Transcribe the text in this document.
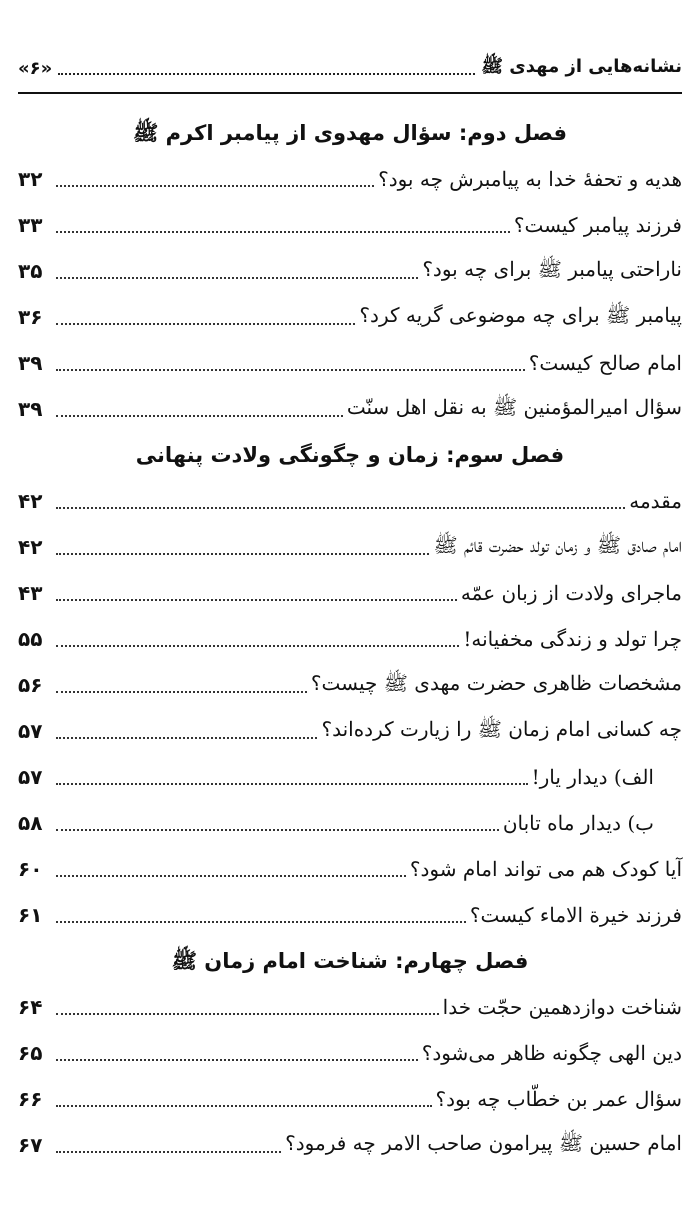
نشانه‌هایی از مهدی ﷺ
«۶»
فصل دوم: سؤال مهدوی از پیامبر اکرم ﷺ
هدیه و تحفهٔ خدا به پیامبرش چه بود؟
۳۲
فرزند پیامبر کیست؟
۳۳
ناراحتی پیامبر ﷺ برای چه بود؟
۳۵
پیامبر ﷺ برای چه موضوعی گریه کرد؟
۳۶
امام صالح کیست؟
۳۹
سؤال امیرالمؤمنین ﷺ به نقل اهل سنّت
۳۹
فصل سوم: زمان و چگونگی ولادت پنهانی
مقدمه
۴۲
امام صادق ﷺ و زمان تولد حضرت قائم ﷺ
۴۲
ماجرای ولادت از زبان عمّه
۴۳
چرا تولد و زندگی مخفیانه!
۵۵
مشخصات ظاهری حضرت مهدی ﷺ چیست؟
۵۶
چه کسانی امام زمان ﷺ را زیارت کرده‌اند؟
۵۷
الف) دیدار یار!
۵۷
ب) دیدار ماه تابان
۵۸
آیا کودک هم می تواند امام شود؟
۶۰
فرزند خیرة الاماء کیست؟
۶۱
فصل چهارم: شناخت امام زمان ﷺ
شناخت دوازدهمین حجّت خدا
۶۴
دین الهی چگونه ظاهر می‌شود؟
۶۵
سؤال عمر بن خطّاب چه بود؟
۶۶
امام حسین ﷺ پیرامون صاحب الامر چه فرمود؟
۶۷
